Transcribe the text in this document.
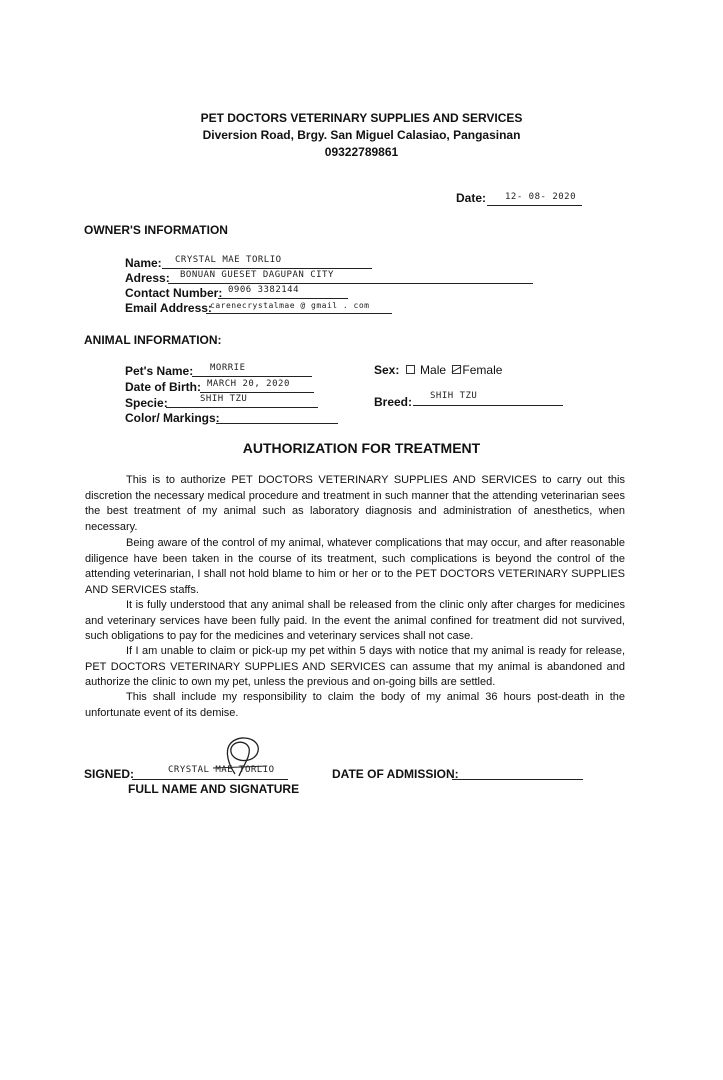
PET DOCTORS VETERINARY SUPPLIES AND SERVICES
Diversion Road, Brgy. San Miguel Calasiao, Pangasinan
09322789861
Date: 12- 08- 2020
OWNER'S INFORMATION
Name: CRYSTAL MAE TORLIO
Adress: BONUAN GUESET DAGUPAN CITY
Contact Number: 0906 3382144
Email Address:
carenecrystalmae @ gmail . com
ANIMAL INFORMATION:
Pet's Name: MORRIE
Date of Birth: MARCH 20, 2020
Specie:	SHIH TZU
Color/ Markings:
Sex: Male Female
Breed: SHIH TZU
AUTHORIZATION FOR TREATMENT

This is to authorize PET DOCTORS VETERINARY SUPPLIES AND SERVICES to carry out this discretion the necessary medical procedure and treatment in such manner that the attending veterinarian sees the best treatment of my animal such as laboratory diagnosis and administration of anesthetics, when necessary.

Being aware of the control of my animal, whatever complications that may occur, and after reasonable diligence have been taken in the course of its treatment, such complications is beyond the control of the attending veterinarian, I shall not hold blame to him or her or to the PET DOCTORS VETERINARY SUPPLIES AND SERVICES staffs.

It is fully understood that any animal shall be released from the clinic only after charges for medicines and veterinary services have been fully paid. In the event the animal confined for treatment did not survived, such obligations to pay for the medicines and veterinary services shall not case.

If I am unable to claim or pick-up my pet within 5 days with notice that my animal is ready for release, PET DOCTORS VETERINARY SUPPLIES AND SERVICES can assume that my animal is abandoned and authorize the clinic to own my pet, unless the previous and on-going bills are settled.

This shall include my responsibility to claim the body of my animal 36 hours post-death in the unfortunate event of its demise.

SIGNED:	CRYSTAL MAE TORLIO
FULL NAME AND SIGNATURE
DATE OF ADMISSION:
